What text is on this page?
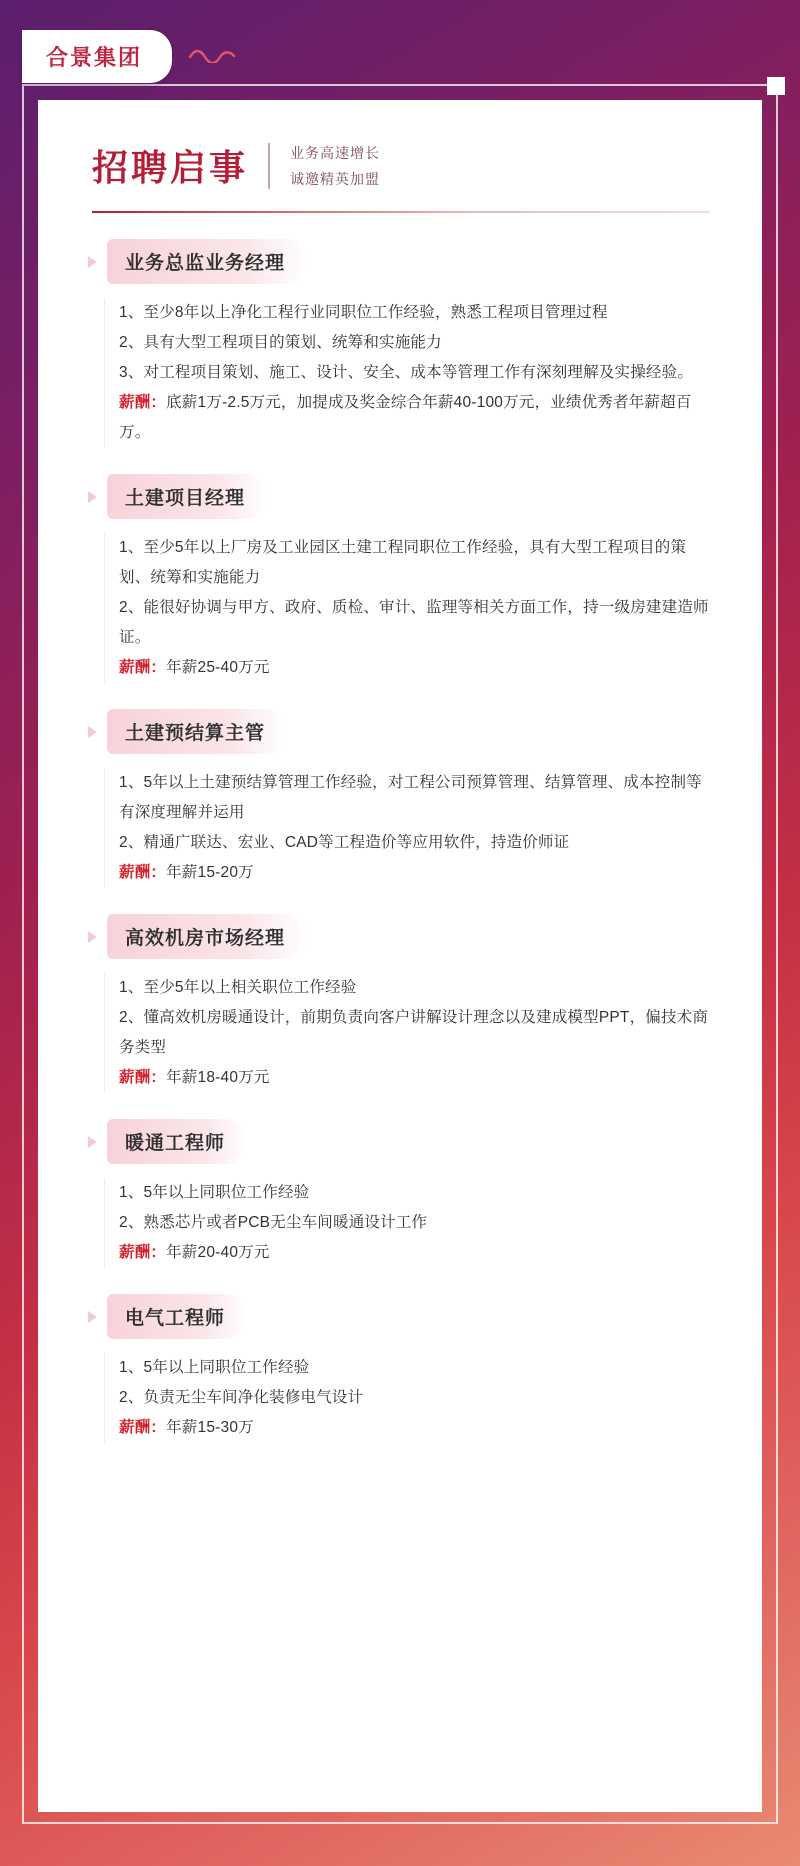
合景集团
招聘启事	业务高速增长
诚邀精英加盟
业务总监业务经理

1、至少8年以上净化工程行业同职位工作经验，熟悉工程项目管理过程

2、具有大型工程项目的策划、统筹和实施能力

3、对工程项目策划、施工、设计、安全、成本等管理工作有深刻理解及实操经验。

薪酬：底薪1万-2.5万元，加提成及奖金综合年薪40-100万元，业绩优秀者年薪超百万。

土建项目经理

1、至少5年以上厂房及工业园区土建工程同职位工作经验，具有大型工程项目的策划、统筹和实施能力

2、能很好协调与甲方、政府、质检、审计、监理等相关方面工作，持一级房建建造师证。

薪酬：年薪25-40万元

土建预结算主管

1、5年以上土建预结算管理工作经验，对工程公司预算管理、结算管理、成本控制等有深度理解并运用

2、精通广联达、宏业、CAD等工程造价等应用软件，持造价师证

薪酬：年薪15-20万

高效机房市场经理

1、至少5年以上相关职位工作经验

2、懂高效机房暖通设计，前期负责向客户讲解设计理念以及建成模型PPT，偏技术商务类型

薪酬：年薪18-40万元

暖通工程师

1、5年以上同职位工作经验

2、熟悉芯片或者PCB无尘车间暖通设计工作

薪酬：年薪20-40万元

电气工程师

1、5年以上同职位工作经验

2、负责无尘车间净化装修电气设计

薪酬：年薪15-30万

工作地点：广东东莞
